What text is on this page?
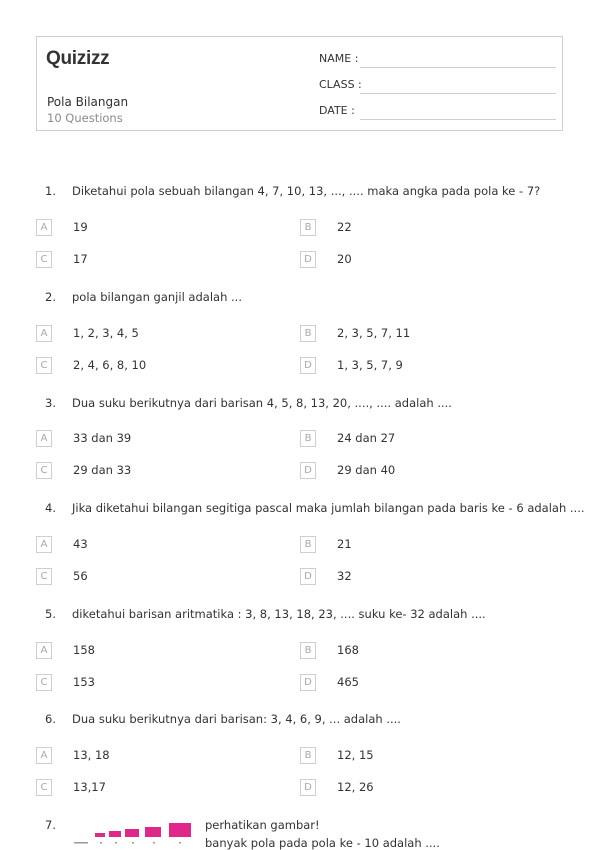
Quizizz
Pola Bilangan
10 Questions
NAME :
CLASS :
DATE :
1. Diketahui pola sebuah bilangan 4, 7, 10, 13, ..., .... maka angka pada pola ke - 7?
A	19	B	22
C	17	D	20
2. pola bilangan ganjil adalah ...
A	1, 2, 3, 4, 5	B	2, 3, 5, 7, 11
C	2, 4, 6, 8, 10	D	1, 3, 5, 7, 9
3. Dua suku berikutnya dari barisan 4, 5, 8, 13, 20, ...., .... adalah ....
A	33 dan 39	B	24 dan 27
C	29 dan 33	D	29 dan 40
4. Jika diketahui bilangan segitiga pascal maka jumlah bilangan pada baris ke - 6 adalah ....
A	43	B	21
C	56	D	32
5. diketahui barisan aritmatika : 3, 8, 13, 18, 23, .... suku ke- 32 adalah ....
A	158	B	168
C	153	D	465
6. Dua suku berikutnya dari barisan: 3, 4, 6, 9, ... adalah ....
A	13, 18	B	12, 15
C	13,17	D	12, 26
7.	perhatikan gambar!
banyak pola pada pola ke - 10 adalah ....
